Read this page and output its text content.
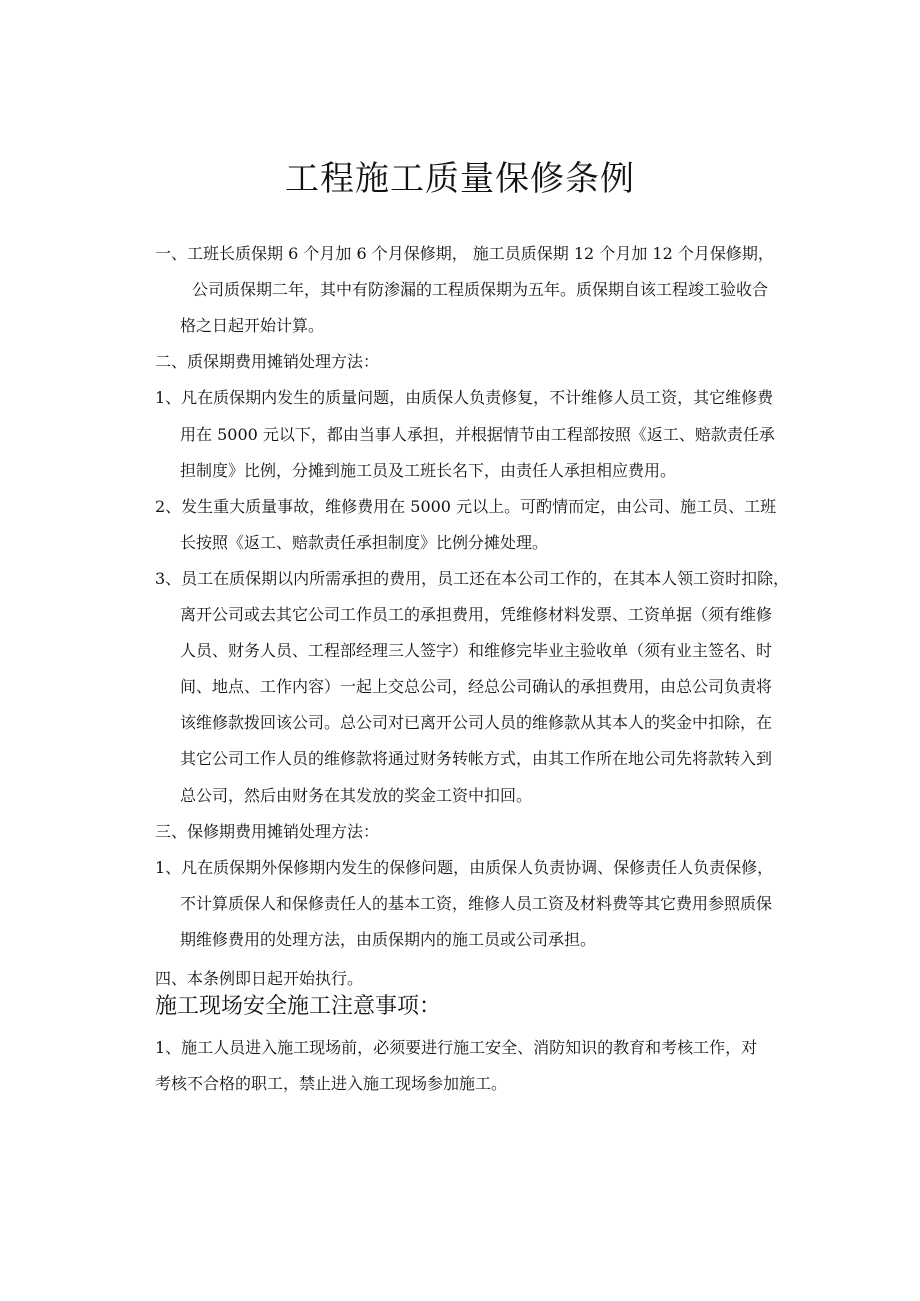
工程施工质量保修条例
一、工班长质保期 6 个月加 6 个月保修期， 施工员质保期 12 个月加 12 个月保修期，
公司质保期二年，其中有防渗漏的工程质保期为五年。质保期自该工程竣工验收合
格之日起开始计算。
二、质保期费用摊销处理方法：
1、凡在质保期内发生的质量问题，由质保人负责修复，不计维修人员工资，其它维修费
用在 5000 元以下，都由当事人承担，并根据情节由工程部按照《返工、赔款责任承
担制度》比例，分摊到施工员及工班长名下，由责任人承担相应费用。
2、发生重大质量事故，维修费用在 5000 元以上。可酌情而定，由公司、施工员、工班
长按照《返工、赔款责任承担制度》比例分摊处理。
3、员工在质保期以内所需承担的费用，员工还在本公司工作的，在其本人领工资时扣除，
离开公司或去其它公司工作员工的承担费用，凭维修材料发票、工资单据（须有维修
人员、财务人员、工程部经理三人签字）和维修完毕业主验收单（须有业主签名、时
间、地点、工作内容）一起上交总公司，经总公司确认的承担费用，由总公司负责将
该维修款拨回该公司。总公司对已离开公司人员的维修款从其本人的奖金中扣除，在
其它公司工作人员的维修款将通过财务转帐方式，由其工作所在地公司先将款转入到
总公司，然后由财务在其发放的奖金工资中扣回。
三、保修期费用摊销处理方法：
1、凡在质保期外保修期内发生的保修问题，由质保人负责协调、保修责任人负责保修，
不计算质保人和保修责任人的基本工资，维修人员工资及材料费等其它费用参照质保
期维修费用的处理方法，由质保期内的施工员或公司承担。
四、本条例即日起开始执行。
施工现场安全施工注意事项：
1、施工人员进入施工现场前，必须要进行施工安全、消防知识的教育和考核工作，对
考核不合格的职工，禁止进入施工现场参加施工。
